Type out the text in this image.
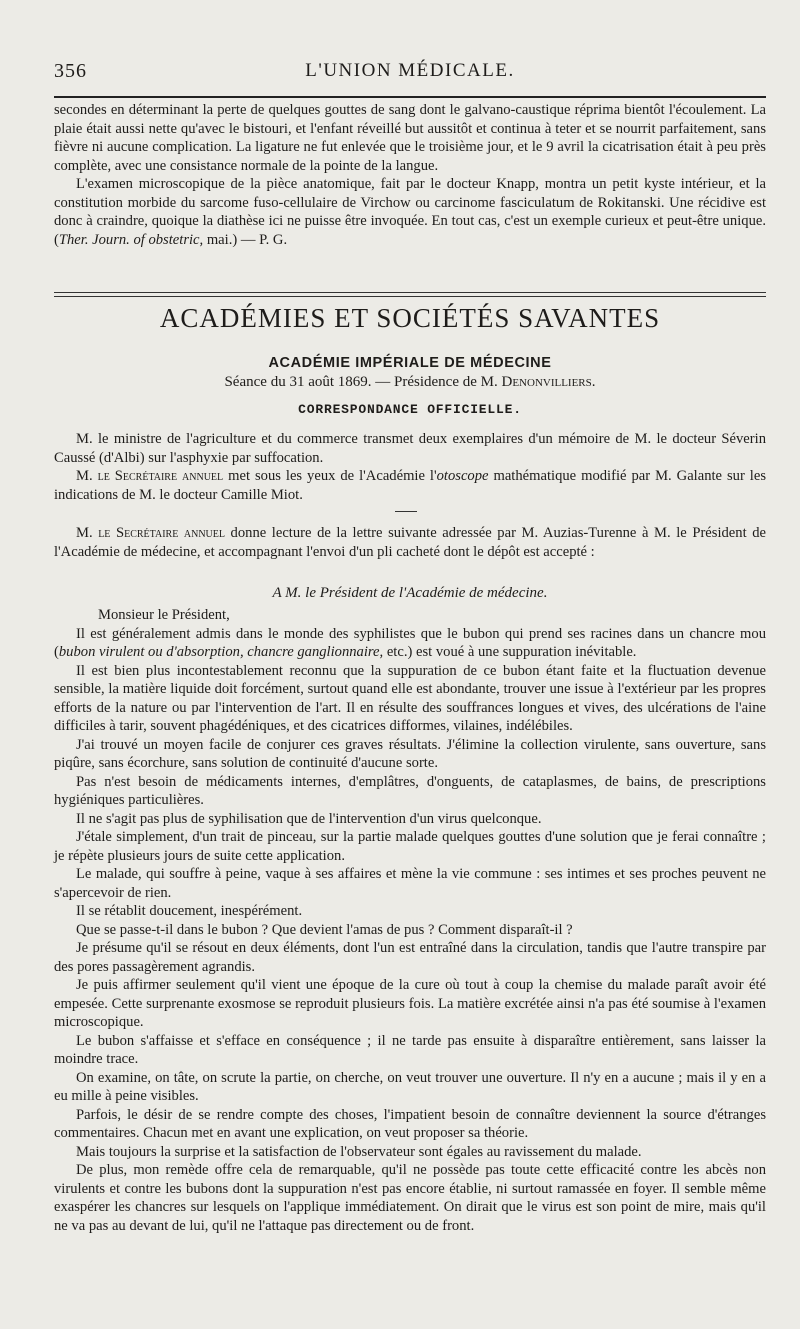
356	L'UNION MÉDICALE.

secondes en déterminant la perte de quelques gouttes de sang dont le galvano-caustique réprima bientôt l'écoulement. La plaie était aussi nette qu'avec le bistouri, et l'enfant réveillé but aussitôt et continua à teter et se nourrit parfaitement, sans fièvre ni aucune complication. La ligature ne fut enlevée que le troisième jour, et le 9 avril la cicatrisation était à peu près complète, avec une consistance normale de la pointe de la langue.

L'examen microscopique de la pièce anatomique, fait par le docteur Knapp, montra un petit kyste intérieur, et la constitution morbide du sarcome fuso-cellulaire de Virchow ou carcinome fasciculatum de Rokitanski. Une récidive est donc à craindre, quoique la diathèse ici ne puisse être invoquée. En tout cas, c'est un exemple curieux et peut-être unique. (Ther. Journ. of obstetric, mai.) — P. G.

ACADÉMIES ET SOCIÉTÉS SAVANTES
ACADÉMIE IMPÉRIALE DE MÉDECINE
Séance du 31 août 1869. — Présidence de M. Denonvilliers.
CORRESPONDANCE OFFICIELLE.

M. le ministre de l'agriculture et du commerce transmet deux exemplaires d'un mémoire de M. le docteur Séverin Caussé (d'Albi) sur l'asphyxie par suffocation.

M. le Secrétaire annuel met sous les yeux de l'Académie l'otoscope mathématique modifié par M. Galante sur les indications de M. le docteur Camille Miot.

M. le Secrétaire annuel donne lecture de la lettre suivante adressée par M. Auzias-Turenne à M. le Président de l'Académie de médecine, et accompagnant l'envoi d'un pli cacheté dont le dépôt est accepté :

A M. le Président de l'Académie de médecine.

Monsieur le Président,

Il est généralement admis dans le monde des syphilistes que le bubon qui prend ses racines dans un chancre mou (bubon virulent ou d'absorption, chancre ganglionnaire, etc.) est voué à une suppuration inévitable.

Il est bien plus incontestablement reconnu que la suppuration de ce bubon étant faite et la fluctuation devenue sensible, la matière liquide doit forcément, surtout quand elle est abondante, trouver une issue à l'extérieur par les propres efforts de la nature ou par l'intervention de l'art. Il en résulte des souffrances longues et vives, des ulcérations de l'aine difficiles à tarir, souvent phagédéniques, et des cicatrices difformes, vilaines, indélébiles.

J'ai trouvé un moyen facile de conjurer ces graves résultats. J'élimine la collection virulente, sans ouverture, sans piqûre, sans écorchure, sans solution de continuité d'aucune sorte.

Pas n'est besoin de médicaments internes, d'emplâtres, d'onguents, de cataplasmes, de bains, de prescriptions hygiéniques particulières.

Il ne s'agit pas plus de syphilisation que de l'intervention d'un virus quelconque.

J'étale simplement, d'un trait de pinceau, sur la partie malade quelques gouttes d'une solution que je ferai connaître ; je répète plusieurs jours de suite cette application.

Le malade, qui souffre à peine, vaque à ses affaires et mène la vie commune : ses intimes et ses proches peuvent ne s'apercevoir de rien.

Il se rétablit doucement, inespérément.

Que se passe-t-il dans le bubon ? Que devient l'amas de pus ? Comment disparaît-il ?

Je présume qu'il se résout en deux éléments, dont l'un est entraîné dans la circulation, tandis que l'autre transpire par des pores passagèrement agrandis.

Je puis affirmer seulement qu'il vient une époque de la cure où tout à coup la chemise du malade paraît avoir été empesée. Cette surprenante exosmose se reproduit plusieurs fois. La matière excrétée ainsi n'a pas été soumise à l'examen microscopique.

Le bubon s'affaisse et s'efface en conséquence ; il ne tarde pas ensuite à disparaître entièrement, sans laisser la moindre trace.

On examine, on tâte, on scrute la partie, on cherche, on veut trouver une ouverture. Il n'y en a aucune ; mais il y en a eu mille à peine visibles.

Parfois, le désir de se rendre compte des choses, l'impatient besoin de connaître deviennent la source d'étranges commentaires. Chacun met en avant une explication, on veut proposer sa théorie.

Mais toujours la surprise et la satisfaction de l'observateur sont égales au ravissement du malade.

De plus, mon remède offre cela de remarquable, qu'il ne possède pas toute cette efficacité contre les abcès non virulents et contre les bubons dont la suppuration n'est pas encore établie, ni surtout ramassée en foyer. Il semble même exaspérer les chancres sur lesquels on l'applique immédiatement. On dirait que le virus est son point de mire, mais qu'il ne va pas au devant de lui, qu'il ne l'attaque pas directement ou de front.
